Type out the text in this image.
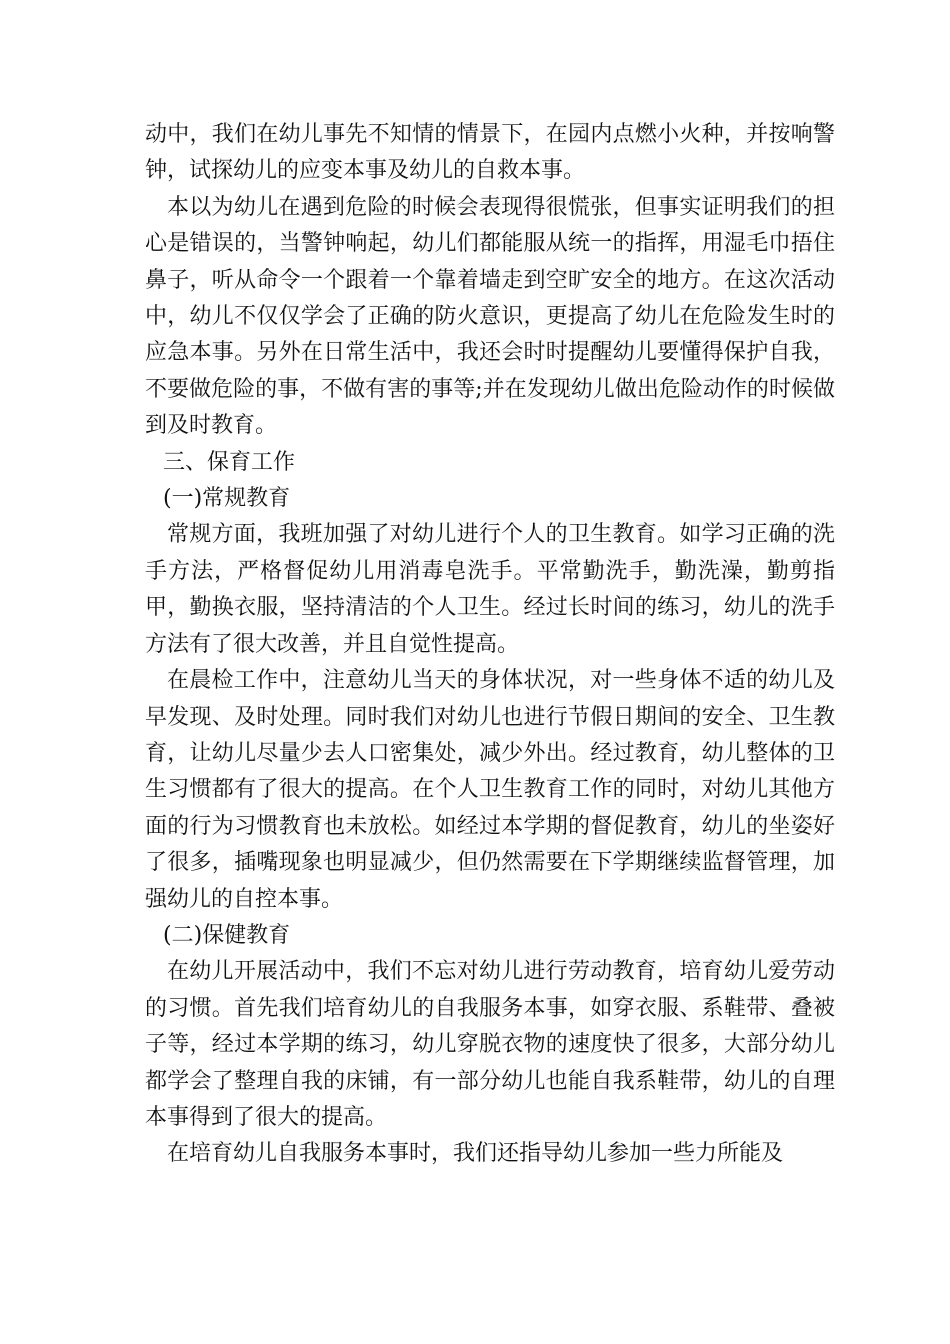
动中，我们在幼儿事先不知情的情景下，在园内点燃小火种，并按响警钟，试探幼儿的应变本事及幼儿的自救本事。

本以为幼儿在遇到危险的时候会表现得很慌张，但事实证明我们的担心是错误的，当警钟响起，幼儿们都能服从统一的指挥，用湿毛巾捂住鼻子，听从命令一个跟着一个靠着墙走到空旷安全的地方。在这次活动中，幼儿不仅仅学会了正确的防火意识，更提高了幼儿在危险发生时的应急本事。另外在日常生活中，我还会时时提醒幼儿要懂得保护自我，不要做危险的事，不做有害的事等;并在发现幼儿做出危险动作的时候做到及时教育。

三、保育工作

(一)常规教育

常规方面，我班加强了对幼儿进行个人的卫生教育。如学习正确的洗手方法，严格督促幼儿用消毒皂洗手。平常勤洗手，勤洗澡，勤剪指甲，勤换衣服，坚持清洁的个人卫生。经过长时间的练习，幼儿的洗手方法有了很大改善，并且自觉性提高。

在晨检工作中，注意幼儿当天的身体状况，对一些身体不适的幼儿及早发现、及时处理。同时我们对幼儿也进行节假日期间的安全、卫生教育，让幼儿尽量少去人口密集处，减少外出。经过教育，幼儿整体的卫生习惯都有了很大的提高。在个人卫生教育工作的同时，对幼儿其他方面的行为习惯教育也未放松。如经过本学期的督促教育，幼儿的坐姿好了很多，插嘴现象也明显减少，但仍然需要在下学期继续监督管理，加强幼儿的自控本事。

(二)保健教育

在幼儿开展活动中，我们不忘对幼儿进行劳动教育，培育幼儿爱劳动的习惯。首先我们培育幼儿的自我服务本事，如穿衣服、系鞋带、叠被子等，经过本学期的练习，幼儿穿脱衣物的速度快了很多，大部分幼儿都学会了整理自我的床铺，有一部分幼儿也能自我系鞋带，幼儿的自理本事得到了很大的提高。

在培育幼儿自我服务本事时，我们还指导幼儿参加一些力所能及
